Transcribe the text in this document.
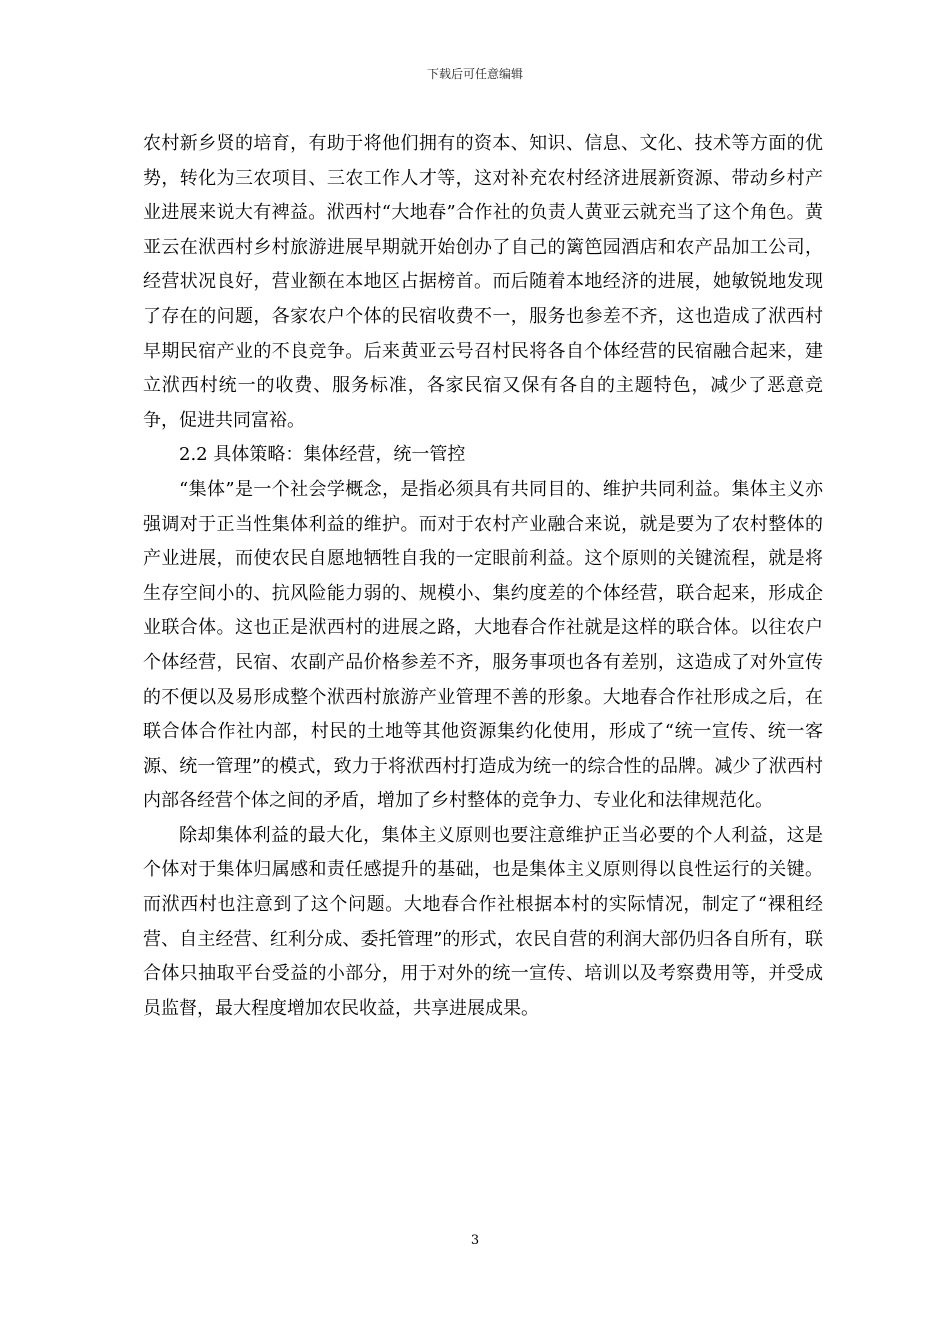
下载后可任意编辑

农村新乡贤的培育，有助于将他们拥有的资本、知识、信息、文化、技术等方面的优势，转化为三农项目、三农工作人才等，这对补充农村经济进展新资源、带动乡村产业进展来说大有裨益。洑西村“大地春”合作社的负责人黄亚云就充当了这个角色。黄亚云在洑西村乡村旅游进展早期就开始创办了自己的篱笆园酒店和农产品加工公司，经营状况良好，营业额在本地区占据榜首。而后随着本地经济的进展，她敏锐地发现了存在的问题，各家农户个体的民宿收费不一，服务也参差不齐，这也造成了洑西村早期民宿产业的不良竞争。后来黄亚云号召村民将各自个体经营的民宿融合起来，建立洑西村统一的收费、服务标准，各家民宿又保有各自的主题特色，减少了恶意竞争，促进共同富裕。

2.2 具体策略：集体经营，统一管控

“集体”是一个社会学概念，是指必须具有共同目的、维护共同利益。集体主义亦强调对于正当性集体利益的维护。而对于农村产业融合来说，就是要为了农村整体的产业进展，而使农民自愿地牺牲自我的一定眼前利益。这个原则的关键流程，就是将生存空间小的、抗风险能力弱的、规模小、集约度差的个体经营，联合起来，形成企业联合体。这也正是洑西村的进展之路，大地春合作社就是这样的联合体。以往农户个体经营，民宿、农副产品价格参差不齐，服务事项也各有差别，这造成了对外宣传的不便以及易形成整个洑西村旅游产业管理不善的形象。大地春合作社形成之后，在联合体合作社内部，村民的土地等其他资源集约化使用，形成了“统一宣传、统一客源、统一管理”的模式，致力于将洑西村打造成为统一的综合性的品牌。减少了洑西村内部各经营个体之间的矛盾，增加了乡村整体的竞争力、专业化和法律规范化。

除却集体利益的最大化，集体主义原则也要注意维护正当必要的个人利益，这是个体对于集体归属感和责任感提升的基础，也是集体主义原则得以良性运行的关键。而洑西村也注意到了这个问题。大地春合作社根据本村的实际情况，制定了“裸租经营、自主经营、红利分成、委托管理”的形式，农民自营的利润大部仍归各自所有，联合体只抽取平台受益的小部分，用于对外的统一宣传、培训以及考察费用等，并受成员监督，最大程度增加农民收益，共享进展成果。

3
